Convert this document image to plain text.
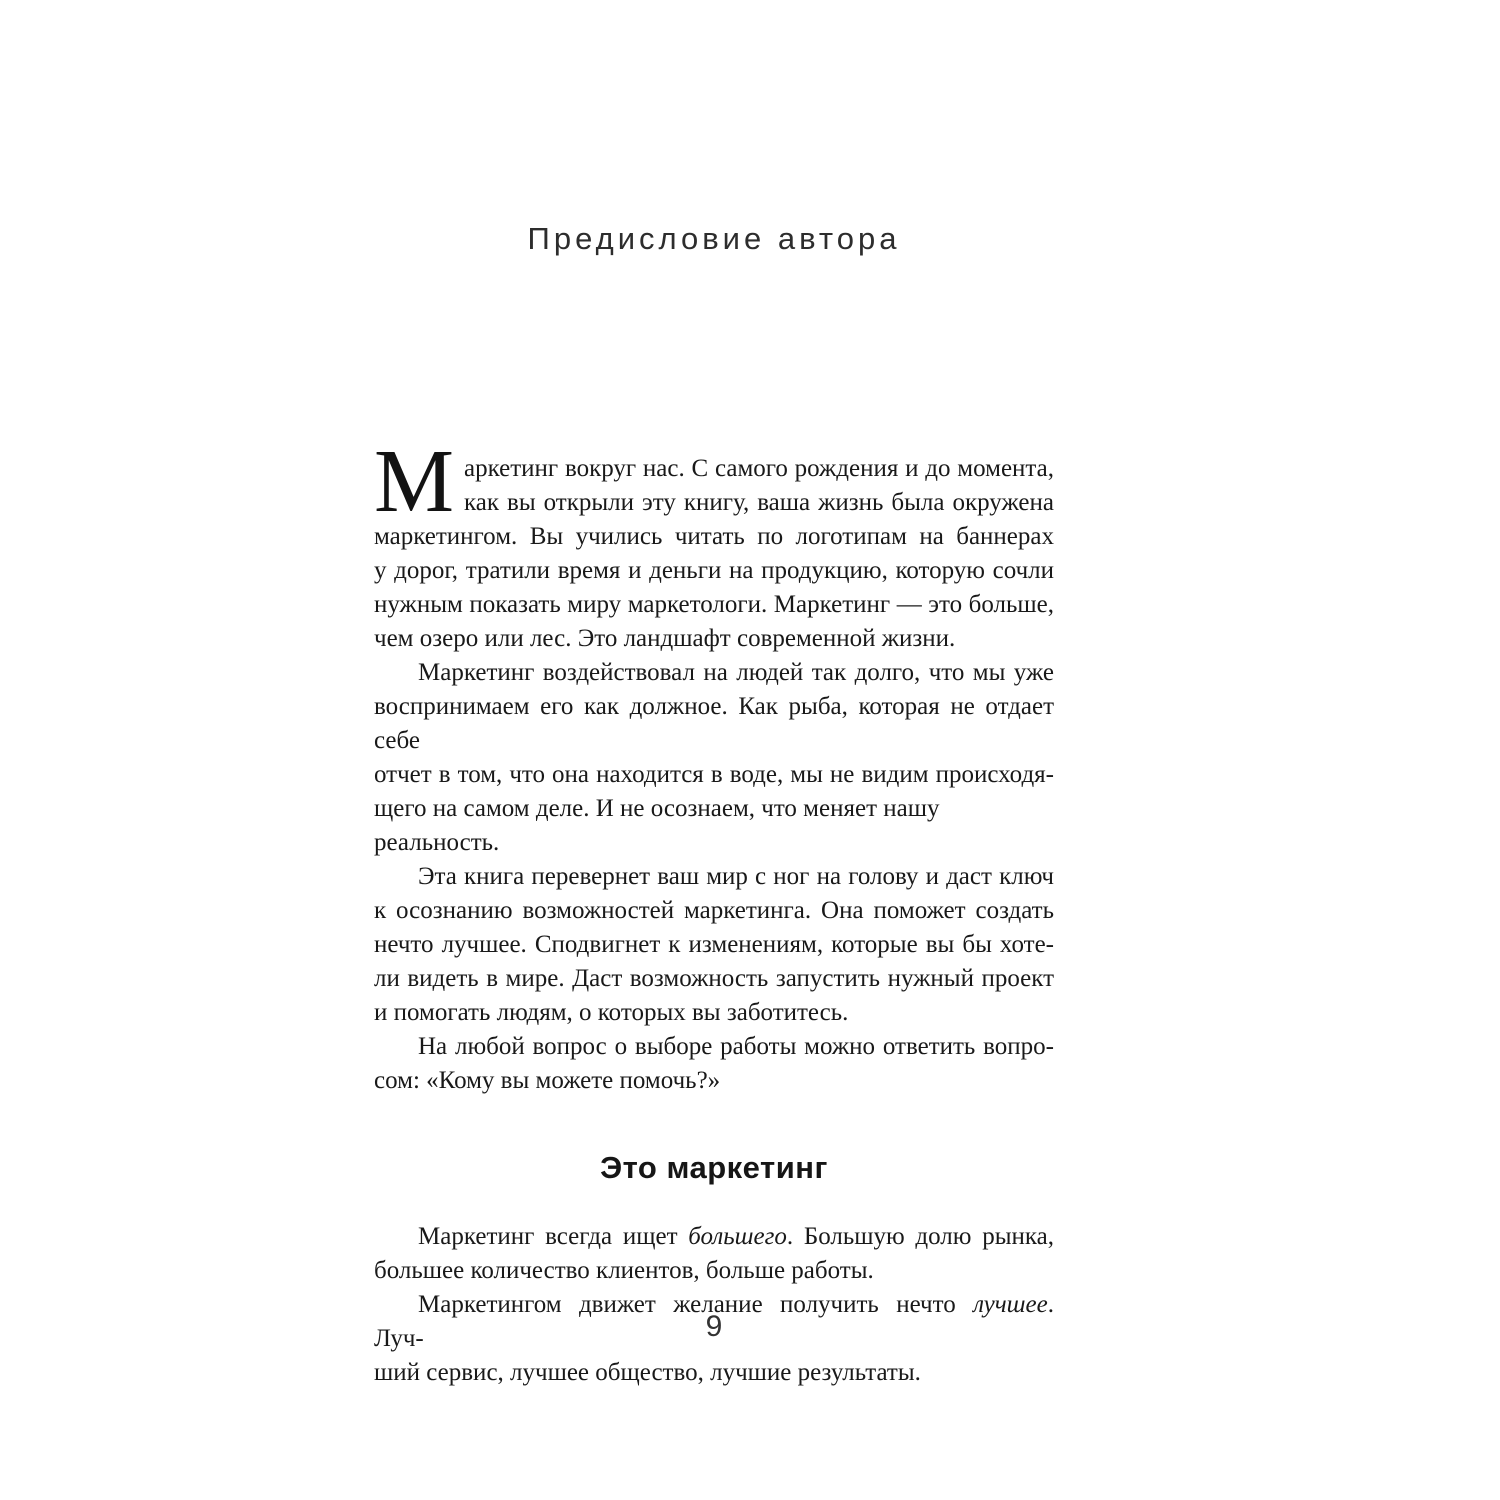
Предисловие автора
М аркетинг вокруг нас. С самого рождения и до момента,
как вы открыли эту книгу, ваша жизнь была окружена
маркетингом. Вы учились читать по логотипам на баннерах
у дорог, тратили время и деньги на продукцию, которую сочли
нужным показать миру маркетологи. Маркетинг — это больше,
чем озеро или лес. Это ландшафт современной жизни.
Маркетинг воздействовал на людей так долго, что мы уже
воспринимаем его как должное. Как рыба, которая не отдает себе
отчет в том, что она находится в воде, мы не видим происходя-
щего на самом деле. И не осознаем, что меняет нашу реальность.
Эта книга перевернет ваш мир с ног на голову и даст ключ
к осознанию возможностей маркетинга. Она поможет создать
нечто лучшее. Сподвигнет к изменениям, которые вы бы хоте-
ли видеть в мире. Даст возможность запустить нужный проект
и помогать людям, о которых вы заботитесь.
На любой вопрос о выборе работы можно ответить вопро-
сом: «Кому вы можете помочь?»
Это маркетинг
Маркетинг всегда ищет большего. Большую долю рынка,
большее количество клиентов, больше работы.
Маркетингом движет желание получить нечто лучшее. Луч-
ший сервис, лучшее общество, лучшие результаты.
9
